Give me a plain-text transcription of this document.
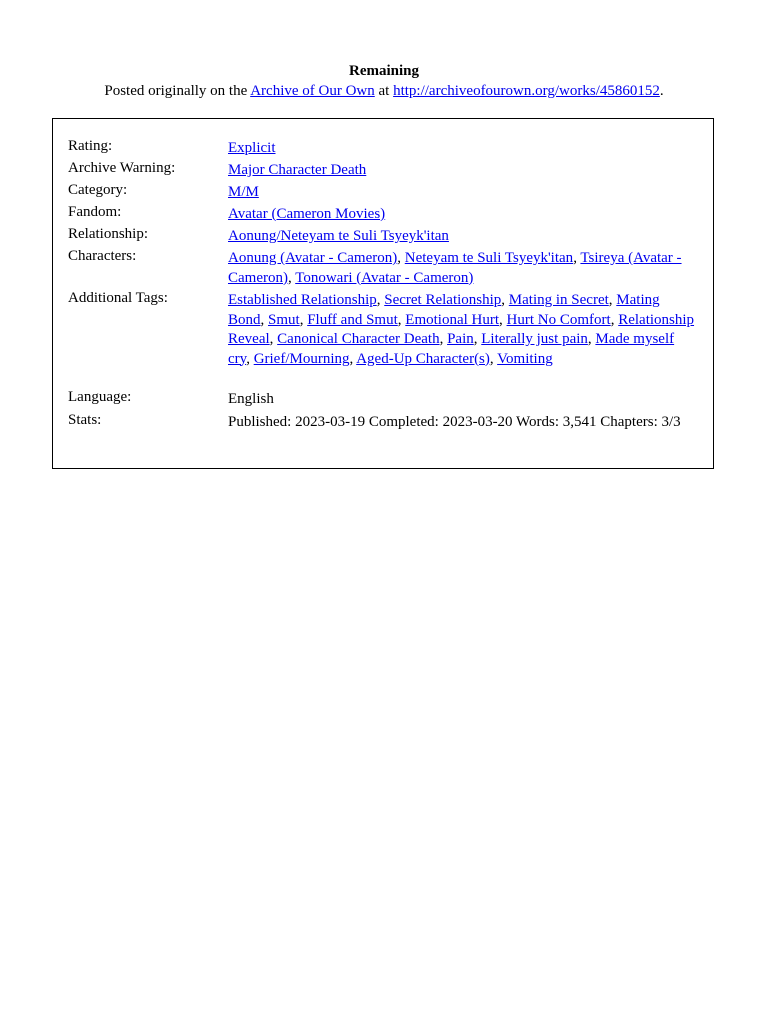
Remaining

Posted originally on the Archive of Our Own at http://archiveofourown.org/works/45860152.

Rating:	Explicit
Archive Warning:	Major Character Death
Category:	M/M
Fandom:	Avatar (Cameron Movies)
Relationship:	Aonung/Neteyam te Suli Tsyeyk'itan
Characters:	Aonung (Avatar - Cameron), Neteyam te Suli Tsyeyk'itan, Tsireya (Avatar - Cameron), Tonowari (Avatar - Cameron)
Additional Tags:	Established Relationship, Secret Relationship, Mating in Secret, Mating Bond, Smut, Fluff and Smut, Emotional Hurt, Hurt No Comfort, Relationship Reveal, Canonical Character Death, Pain, Literally just pain, Made myself cry, Grief/Mourning, Aged-Up Character(s), Vomiting
Language:	English
Stats:	Published: 2023-03-19 Completed: 2023-03-20 Words: 3,541 Chapters: 3/3
